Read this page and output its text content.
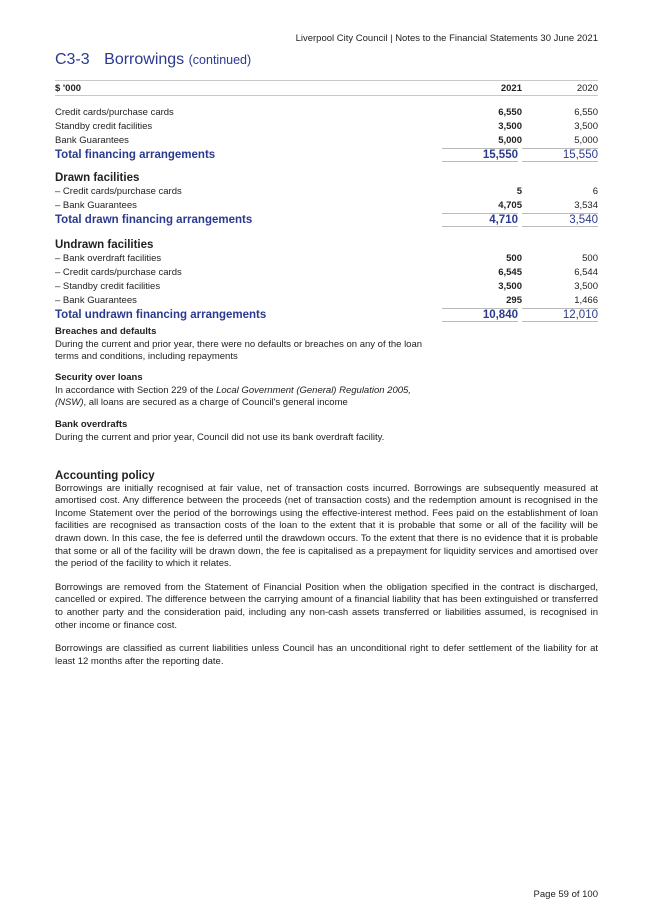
Liverpool City Council | Notes to the Financial Statements 30 June 2021
C3-3 Borrowings (continued)
$ '000	2021	2020
Credit cards/purchase cards	6,550	6,550
Standby credit facilities	3,500	3,500
Bank Guarantees	5,000	5,000
Total financing arrangements	15,550	15,550
Drawn facilities
– Credit cards/purchase cards	5	6
– Bank Guarantees	4,705	3,534
Total drawn financing arrangements	4,710	3,540
Undrawn facilities
– Bank overdraft facilities	500	500
– Credit cards/purchase cards	6,545	6,544
– Standby credit facilities	3,500	3,500
– Bank Guarantees	295	1,466
Total undrawn financing arrangements	10,840	12,010
Breaches and defaults
During the current and prior year, there were no defaults or breaches on any of the loan
terms and conditions, including repayments
Security over loans
In accordance with Section 229 of the Local Government (General) Regulation 2005,
(NSW), all loans are secured as a charge of Council's general income
Bank overdrafts
During the current and prior year, Council did not use its bank overdraft facility.
Accounting policy

Borrowings are initially recognised at fair value, net of transaction costs incurred. Borrowings are subsequently measured at amortised cost. Any difference between the proceeds (net of transaction costs) and the redemption amount is recognised in the Income Statement over the period of the borrowings using the effective-interest method. Fees paid on the establishment of loan facilities are recognised as transaction costs of the loan to the extent that it is probable that some or all of the facility will be drawn down. In this case, the fee is deferred until the drawdown occurs. To the extent that there is no evidence that it is probable that some or all of the facility will be drawn down, the fee is capitalised as a prepayment for liquidity services and amortised over the period of the facility to which it relates.

Borrowings are removed from the Statement of Financial Position when the obligation specified in the contract is discharged, cancelled or expired. The difference between the carrying amount of a financial liability that has been extinguished or transferred to another party and the consideration paid, including any non-cash assets transferred or liabilities assumed, is recognised in other income or finance cost.

Borrowings are classified as current liabilities unless Council has an unconditional right to defer settlement of the liability for at least 12 months after the reporting date.

Page 59 of 100
